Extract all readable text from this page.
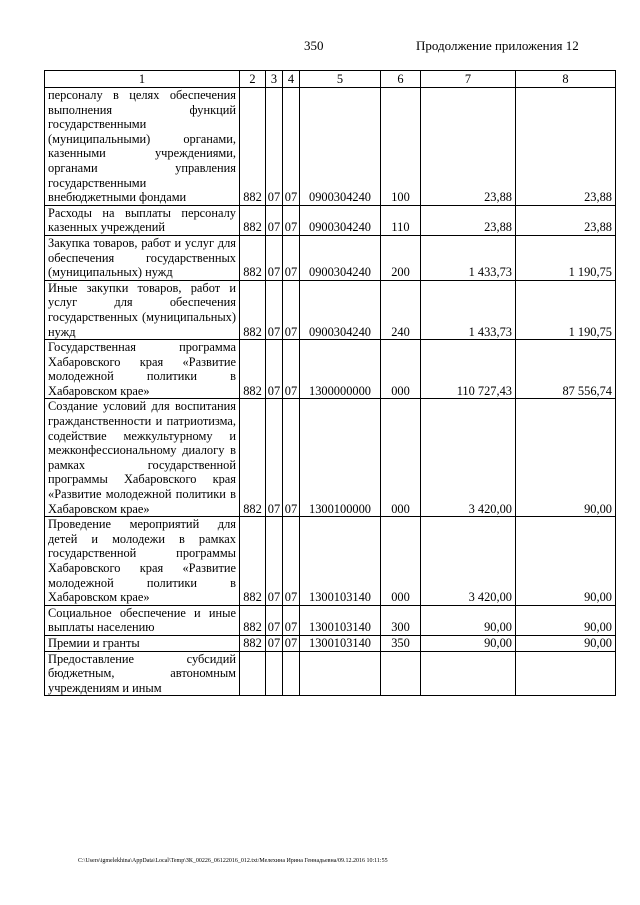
350	Продолжение приложения 12
1	2	3	4	5	6	7	8
персоналу в целях обеспечения выполнения функций государственными (муниципальными) органами, казенными учреждениями, органами управления государственными внебюджетными фондами	882	07	07	0900304240	100	23,88	23,88
Расходы на выплаты персоналу казенных учреждений	882	07	07	0900304240	110	23,88	23,88
Закупка товаров, работ и услуг для обеспечения государственных (муниципальных) нужд	882	07	07	0900304240	200	1 433,73	1 190,75
Иные закупки товаров, работ и услуг для обеспечения государственных (муниципальных) нужд	882	07	07	0900304240	240	1 433,73	1 190,75
Государственная программа Хабаровского края «Развитие молодежной политики в Хабаровском крае»	882	07	07	1300000000	000	110 727,43	87 556,74
Создание условий для воспитания гражданственности и патриотизма, содействие межкультурному и межконфессиональному диалогу в рамках государственной программы Хабаровского края «Развитие молодежной политики в Хабаровском крае»	882	07	07	1300100000	000	3 420,00	90,00
Проведение мероприятий для детей и молодежи в рамках государственной программы Хабаровского края «Развитие молодежной политики в Хабаровском крае»	882	07	07	1300103140	000	3 420,00	90,00
Социальное обеспечение и иные выплаты населению	882	07	07	1300103140	300	90,00	90,00
Премии и гранты	882	07	07	1300103140	350	90,00	90,00
Предоставление субсидий бюджетным, автономным учреждениям и иным							
C:\Users\igmelekhina\AppData\Local\Temp\ЗК_00226_06122016_012.txt/Мелехина Ирина Геннадьевна/09.12.2016 10:11:55
